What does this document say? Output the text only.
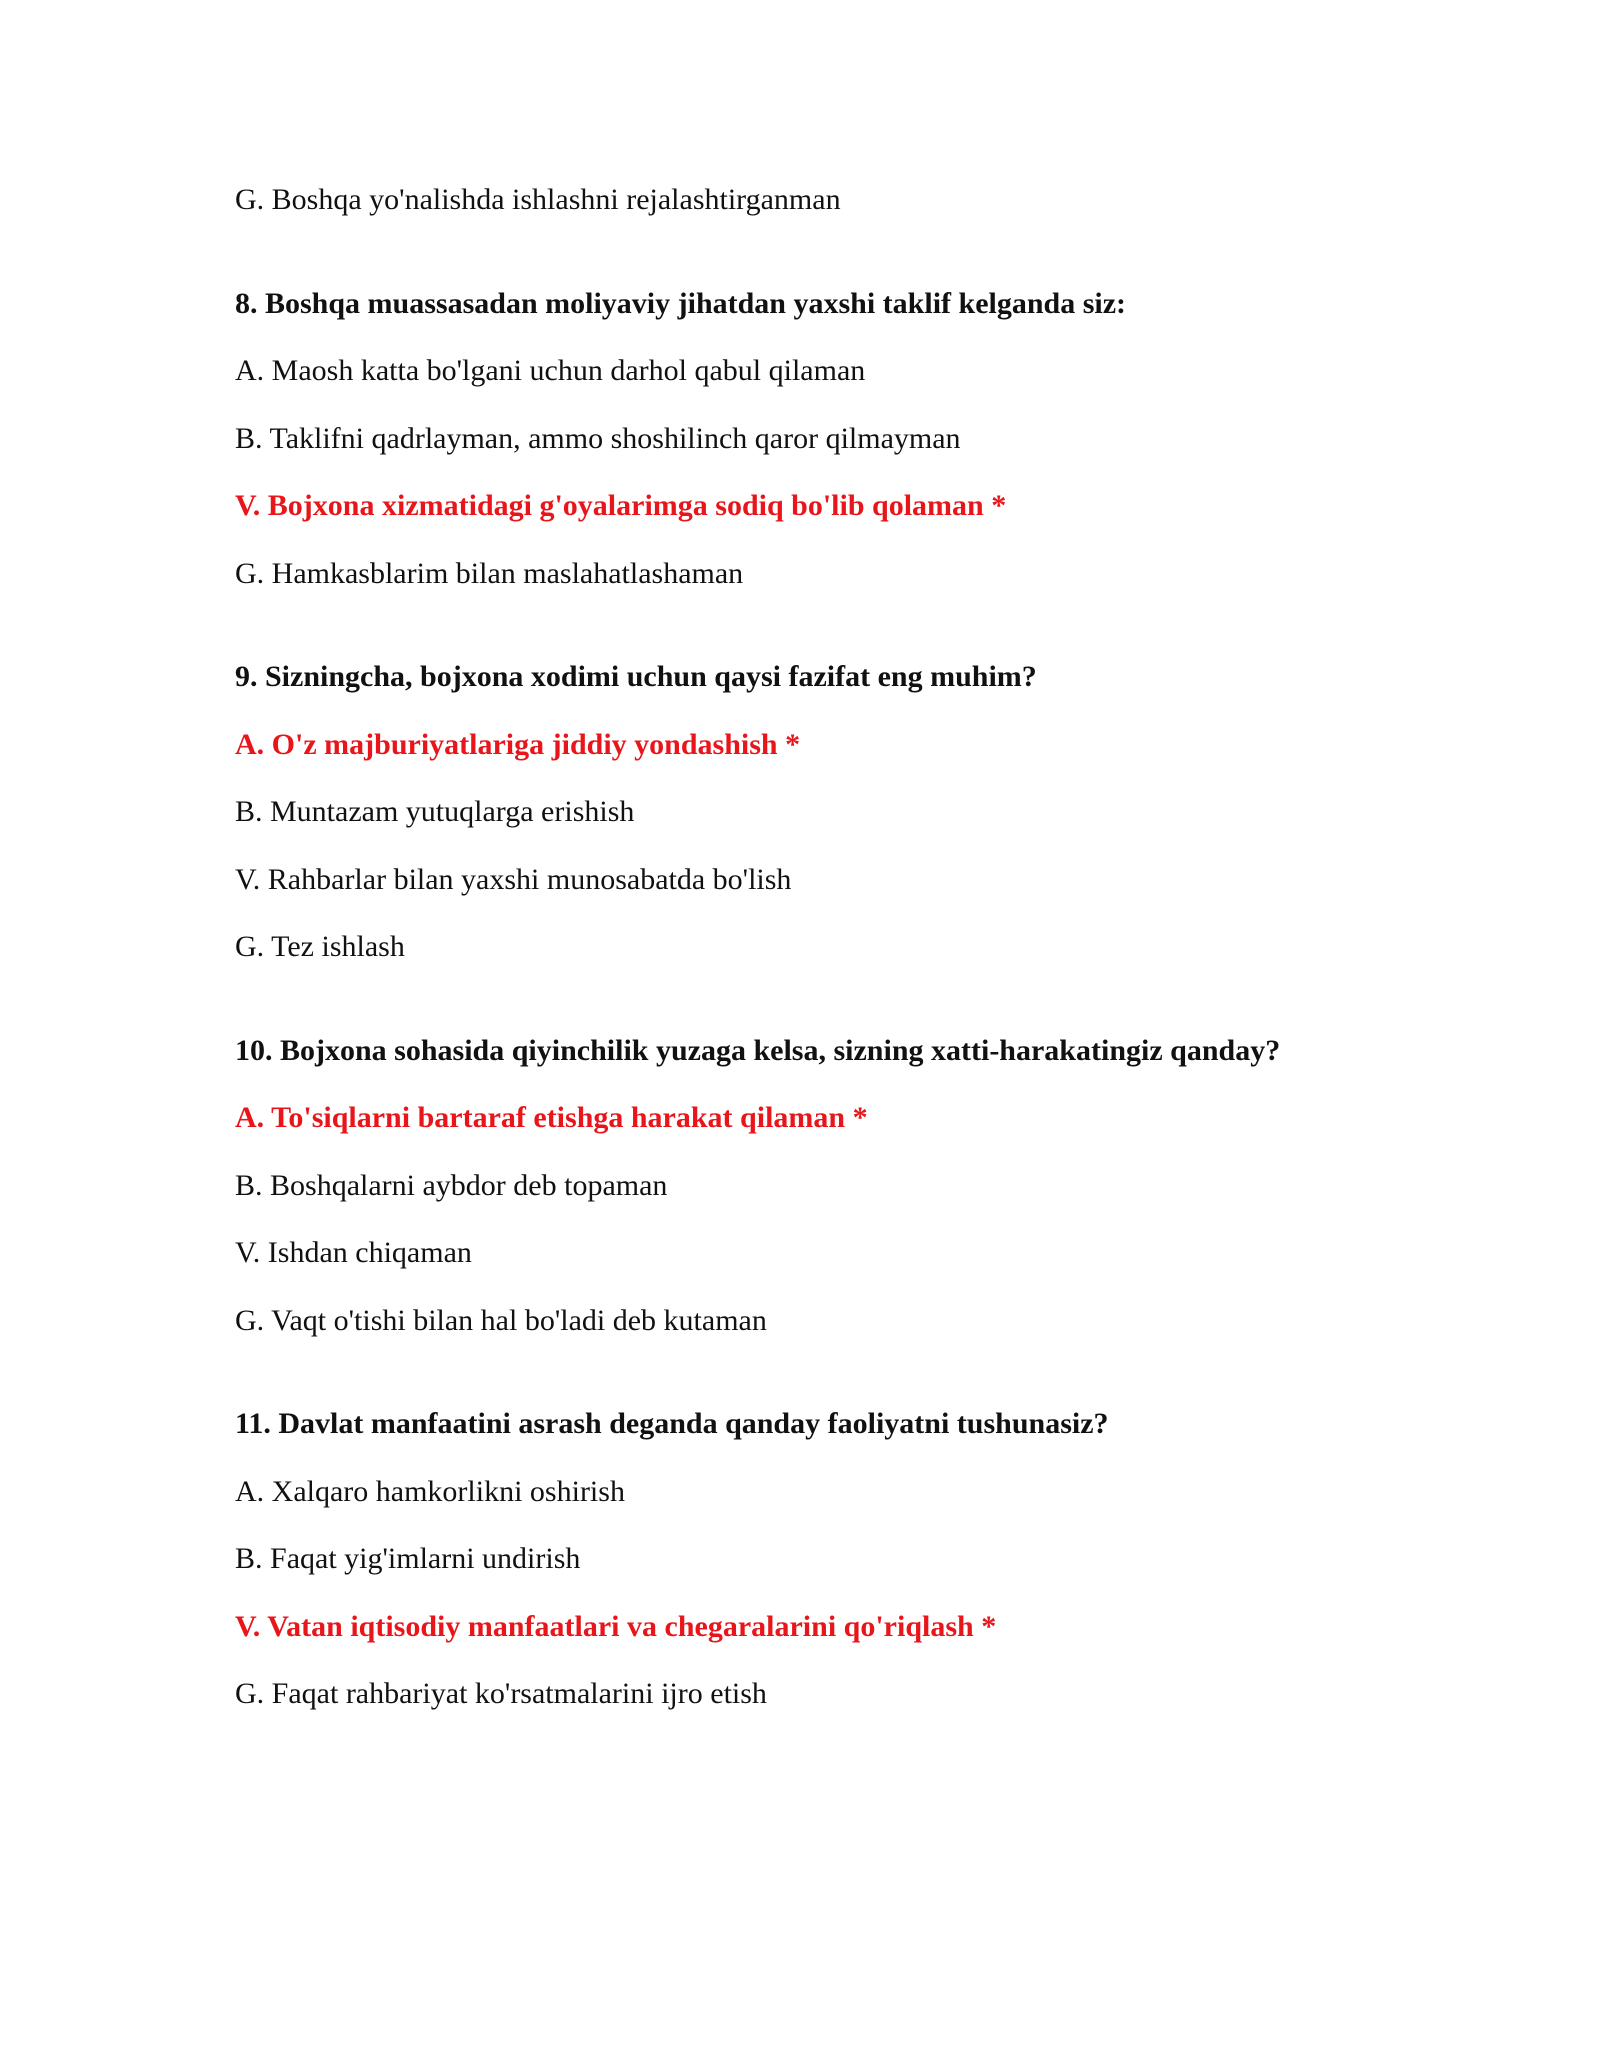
G. Boshqa yo'nalishda ishlashni rejalashtirganman

8. Boshqa muassasadan moliyaviy jihatdan yaxshi taklif kelganda siz:

A. Maosh katta bo'lgani uchun darhol qabul qilaman

B. Taklifni qadrlayman, ammo shoshilinch qaror qilmayman

V. Bojxona xizmatidagi g'oyalarimga sodiq bo'lib qolaman *

G. Hamkasblarim bilan maslahatlashaman

9. Sizningcha, bojxona xodimi uchun qaysi fazifat eng muhim?

A. O'z majburiyatlariga jiddiy yondashish *

B. Muntazam yutuqlarga erishish

V. Rahbarlar bilan yaxshi munosabatda bo'lish

G. Tez ishlash

10. Bojxona sohasida qiyinchilik yuzaga kelsa, sizning xatti-harakatingiz qanday?

A. To'siqlarni bartaraf etishga harakat qilaman *

B. Boshqalarni aybdor deb topaman

V. Ishdan chiqaman

G. Vaqt o'tishi bilan hal bo'ladi deb kutaman

11. Davlat manfaatini asrash deganda qanday faoliyatni tushunasiz?

A. Xalqaro hamkorlikni oshirish

B. Faqat yig'imlarni undirish

V. Vatan iqtisodiy manfaatlari va chegaralarini qo'riqlash *

G. Faqat rahbariyat ko'rsatmalarini ijro etish
